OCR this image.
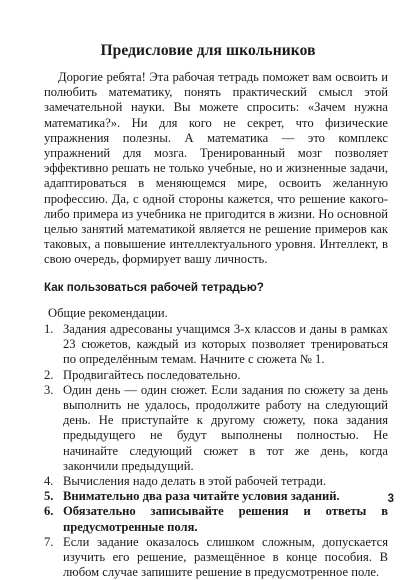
Предисловие для школьников

Дорогие ребята! Эта рабочая тетрадь поможет вам освоить и полюбить математику, понять практический смысл этой замечательной науки. Вы можете спросить: «Зачем нужна математика?». Ни для кого не секрет, что физические упражнения полезны. А математика — это комплекс упражнений для мозга. Тренированный мозг позволяет эффективно решать не только учебные, но и жизненные задачи, адаптироваться в меняющемся мире, освоить желанную профессию. Да, с одной стороны кажется, что решение какого-либо примера из учебника не пригодится в жизни. Но основной целью занятий математикой является не решение примеров как таковых, а повышение интеллектуального уровня. Интеллект, в свою очередь, формирует вашу личность.

Как пользоваться рабочей тетрадью?
Общие рекомендации.
1. Задания адресованы учащимся 3-х классов и даны в рамках 23 сюжетов, каждый из которых позволяет тренироваться по определённым темам. Начните с сюжета № 1.
2. Продвигайтесь последовательно.
3. Один день — один сюжет. Если задания по сюжету за день выполнить не удалось, продолжите работу на следующий день. Не приступайте к другому сюжету, пока задания предыдущего не будут выполнены полностью. Не начинайте следующий сюжет в тот же день, когда закончили предыдущий.
4. Вычисления надо делать в этой рабочей тетради.
5. Внимательно два раза читайте условия заданий.
6. Обязательно записывайте решения и ответы в предусмотренные поля.
7. Если задание оказалось слишком сложным, допускается изучить его решение, размещённое в конце пособия. В любом случае запишите решение в предусмотренное поле.
3
